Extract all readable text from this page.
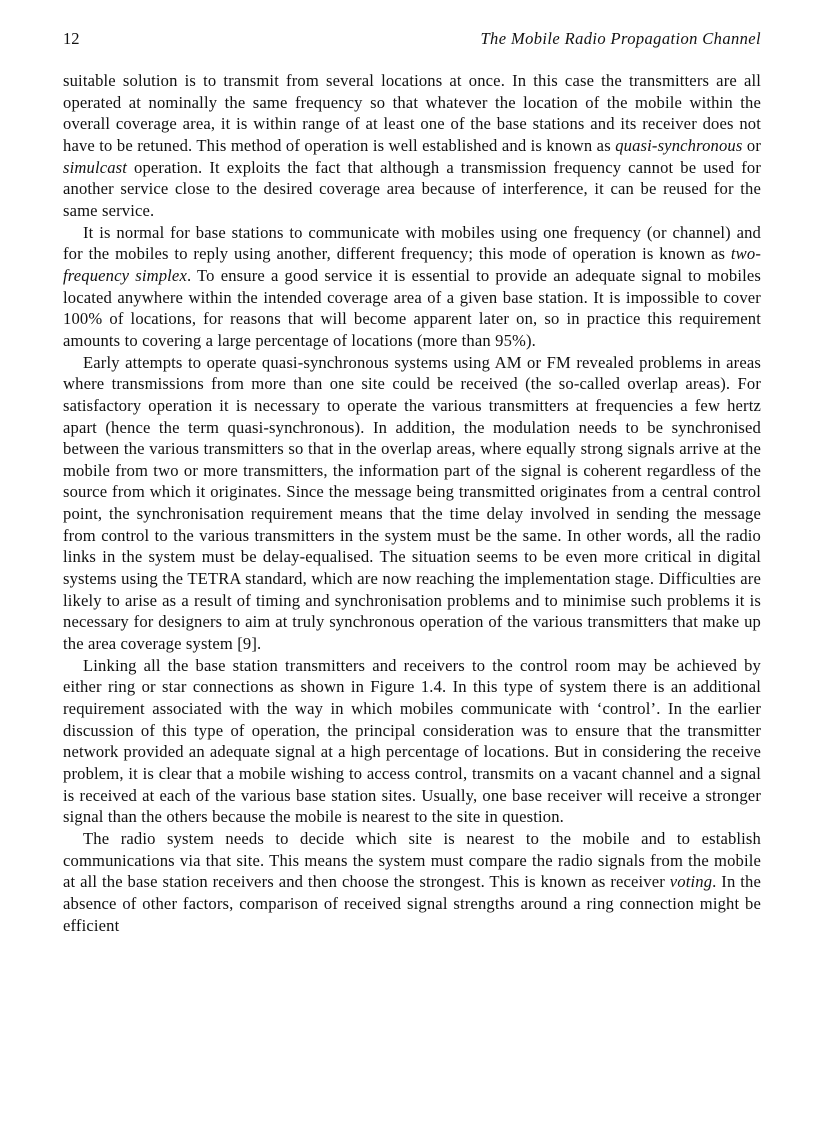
12	The Mobile Radio Propagation Channel

suitable solution is to transmit from several locations at once. In this case the transmitters are all operated at nominally the same frequency so that whatever the location of the mobile within the overall coverage area, it is within range of at least one of the base stations and its receiver does not have to be retuned. This method of operation is well established and is known as quasi-synchronous or simulcast operation. It exploits the fact that although a transmission frequency cannot be used for another service close to the desired coverage area because of interference, it can be reused for the same service.

It is normal for base stations to communicate with mobiles using one frequency (or channel) and for the mobiles to reply using another, different frequency; this mode of operation is known as two-frequency simplex. To ensure a good service it is essential to provide an adequate signal to mobiles located anywhere within the intended coverage area of a given base station. It is impossible to cover 100% of locations, for reasons that will become apparent later on, so in practice this requirement amounts to covering a large percentage of locations (more than 95%).

Early attempts to operate quasi-synchronous systems using AM or FM revealed problems in areas where transmissions from more than one site could be received (the so-called overlap areas). For satisfactory operation it is necessary to operate the various transmitters at frequencies a few hertz apart (hence the term quasi-synchronous). In addition, the modulation needs to be synchronised between the various transmitters so that in the overlap areas, where equally strong signals arrive at the mobile from two or more transmitters, the information part of the signal is coherent regardless of the source from which it originates. Since the message being transmitted originates from a central control point, the synchronisation requirement means that the time delay involved in sending the message from control to the various transmitters in the system must be the same. In other words, all the radio links in the system must be delay-equalised. The situation seems to be even more critical in digital systems using the TETRA standard, which are now reaching the implementation stage. Difficulties are likely to arise as a result of timing and synchronisation problems and to minimise such problems it is necessary for designers to aim at truly synchronous operation of the various transmitters that make up the area coverage system [9].

Linking all the base station transmitters and receivers to the control room may be achieved by either ring or star connections as shown in Figure 1.4. In this type of system there is an additional requirement associated with the way in which mobiles communicate with ‘control’. In the earlier discussion of this type of operation, the principal consideration was to ensure that the transmitter network provided an adequate signal at a high percentage of locations. But in considering the receive problem, it is clear that a mobile wishing to access control, transmits on a vacant channel and a signal is received at each of the various base station sites. Usually, one base receiver will receive a stronger signal than the others because the mobile is nearest to the site in question.

The radio system needs to decide which site is nearest to the mobile and to establish communications via that site. This means the system must compare the radio signals from the mobile at all the base station receivers and then choose the strongest. This is known as receiver voting. In the absence of other factors, comparison of received signal strengths around a ring connection might be efficient
